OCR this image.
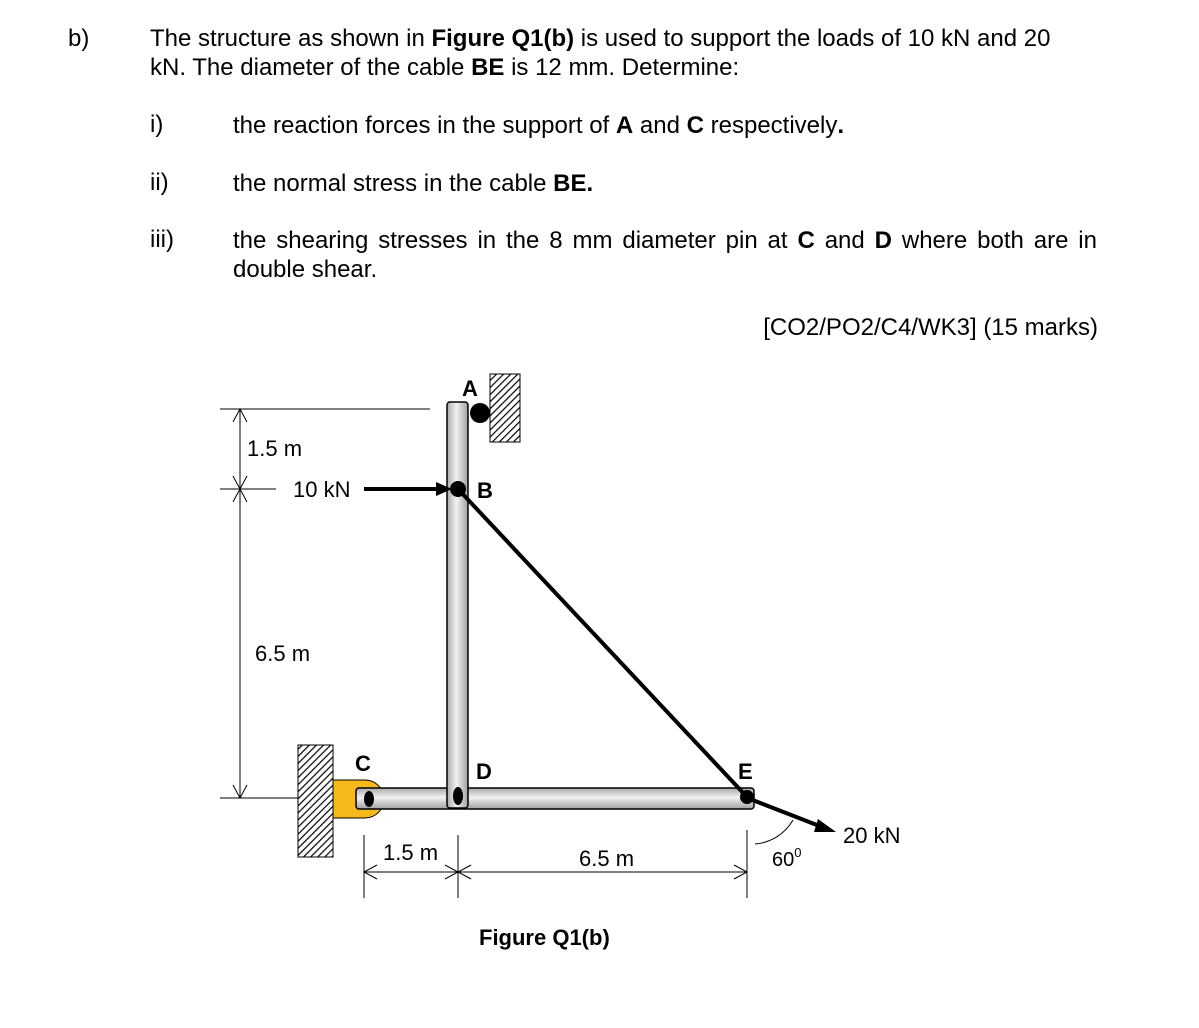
b)	The structure as shown in Figure Q1(b) is used to support the loads of 10 kN and 20
kN. The diameter of the cable BE is 12 mm. Determine:
i)	the reaction forces in the support of A and C respectively.
ii)	the normal stress in the cable BE.
iii) the shearing stresses in the 8 mm diameter pin at C and D where both are in
double shear.
[CO2/PO2/C4/WK3] (15 marks)
A
B
C	D	E
1.5 m
6.5 m
1.5 m	6.5 m
10 kN
20 kN
$60^0$
Figure Q1(b)
